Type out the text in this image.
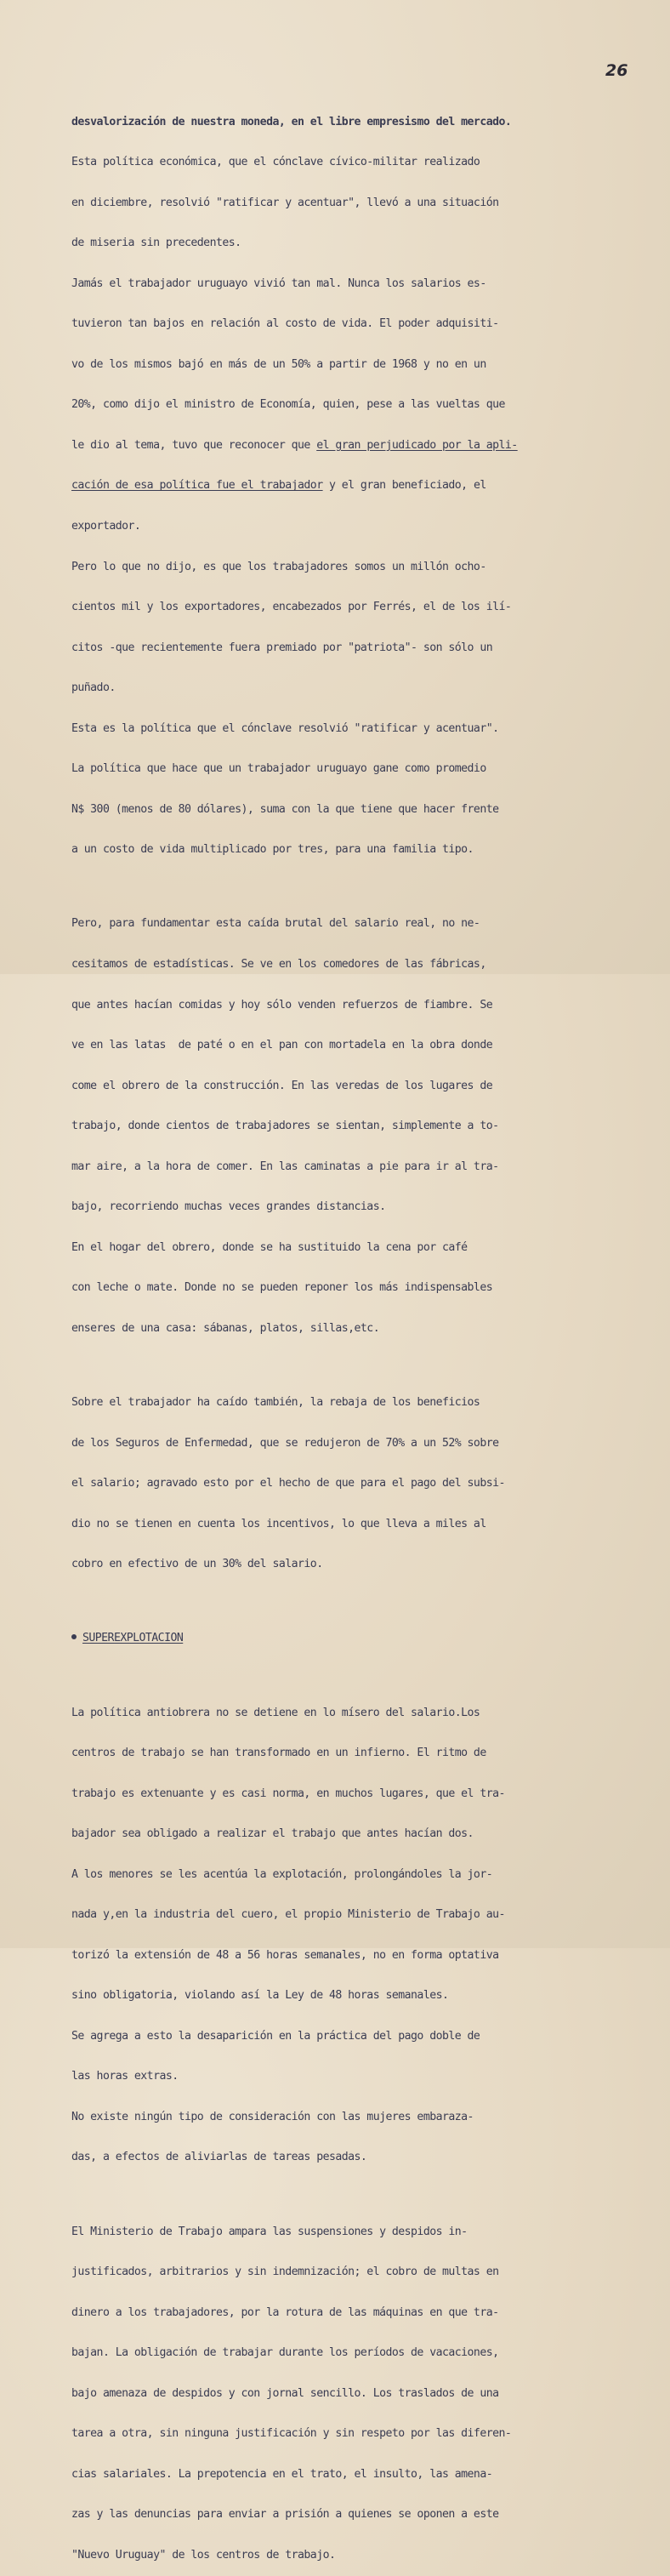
26

desvalorización de nuestra moneda, en el libre empresismo del mercado.

Esta política económica, que el cónclave cívico-militar realizado

en diciembre, resolvió "ratificar y acentuar", llevó a una situación

de miseria sin precedentes.

Jamás el trabajador uruguayo vivió tan mal. Nunca los salarios es-

tuvieron tan bajos en relación al costo de vida. El poder adquisiti-

vo de los mismos bajó en más de un 50% a partir de 1968 y no en un

20%, como dijo el ministro de Economía, quien, pese a las vueltas que

le dio al tema, tuvo que reconocer que el gran perjudicado por la apli-

cación de esa política fue el trabajador y el gran beneficiado, el

exportador.

Pero lo que no dijo, es que los trabajadores somos un millón ocho-

cientos mil y los exportadores, encabezados por Ferrés, el de los ilí-

citos -que recientemente fuera premiado por "patriota"- son sólo un

puñado.

Esta es la política que el cónclave resolvió "ratificar y acentuar".

La política que hace que un trabajador uruguayo gane como promedio

N$ 300 (menos de 80 dólares), suma con la que tiene que hacer frente

a un costo de vida multiplicado por tres, para una familia tipo.

Pero, para fundamentar esta caída brutal del salario real, no ne-

cesitamos de estadísticas. Se ve en los comedores de las fábricas,

que antes hacían comidas y hoy sólo venden refuerzos de fiambre. Se

ve en las latas  de paté o en el pan con mortadela en la obra donde

come el obrero de la construcción. En las veredas de los lugares de

trabajo, donde cientos de trabajadores se sientan, simplemente a to-

mar aire, a la hora de comer. En las caminatas a pie para ir al tra-

bajo, recorriendo muchas veces grandes distancias.

En el hogar del obrero, donde se ha sustituido la cena por café

con leche o mate. Donde no se pueden reponer los más indispensables

enseres de una casa: sábanas, platos, sillas,etc.

Sobre el trabajador ha caído también, la rebaja de los beneficios

de los Seguros de Enfermedad, que se redujeron de 70% a un 52% sobre

el salario; agravado esto por el hecho de que para el pago del subsi-

dio no se tienen en cuenta los incentivos, lo que lleva a miles al

cobro en efectivo de un 30% del salario.

SUPEREXPLOTACION

La política antiobrera no se detiene en lo mísero del salario.Los

centros de trabajo se han transformado en un infierno. El ritmo de

trabajo es extenuante y es casi norma, en muchos lugares, que el tra-

bajador sea obligado a realizar el trabajo que antes hacían dos.

A los menores se les acentúa la explotación, prolongándoles la jor-

nada y,en la industria del cuero, el propio Ministerio de Trabajo au-

torizó la extensión de 48 a 56 horas semanales, no en forma optativa

sino obligatoria, violando así la Ley de 48 horas semanales.

Se agrega a esto la desaparición en la práctica del pago doble de

las horas extras.

No existe ningún tipo de consideración con las mujeres embaraza-

das, a efectos de aliviarlas de tareas pesadas.

El Ministerio de Trabajo ampara las suspensiones y despidos in-

justificados, arbitrarios y sin indemnización; el cobro de multas en

dinero a los trabajadores, por la rotura de las máquinas en que tra-

bajan. La obligación de trabajar durante los períodos de vacaciones,

bajo amenaza de despidos y con jornal sencillo. Los traslados de una

tarea a otra, sin ninguna justificación y sin respeto por las diferen-

cias salariales. La prepotencia en el trato, el insulto, las amena-

zas y las denuncias para enviar a prisión a quienes se oponen a este

"Nuevo Uruguay" de los centros de trabajo.
